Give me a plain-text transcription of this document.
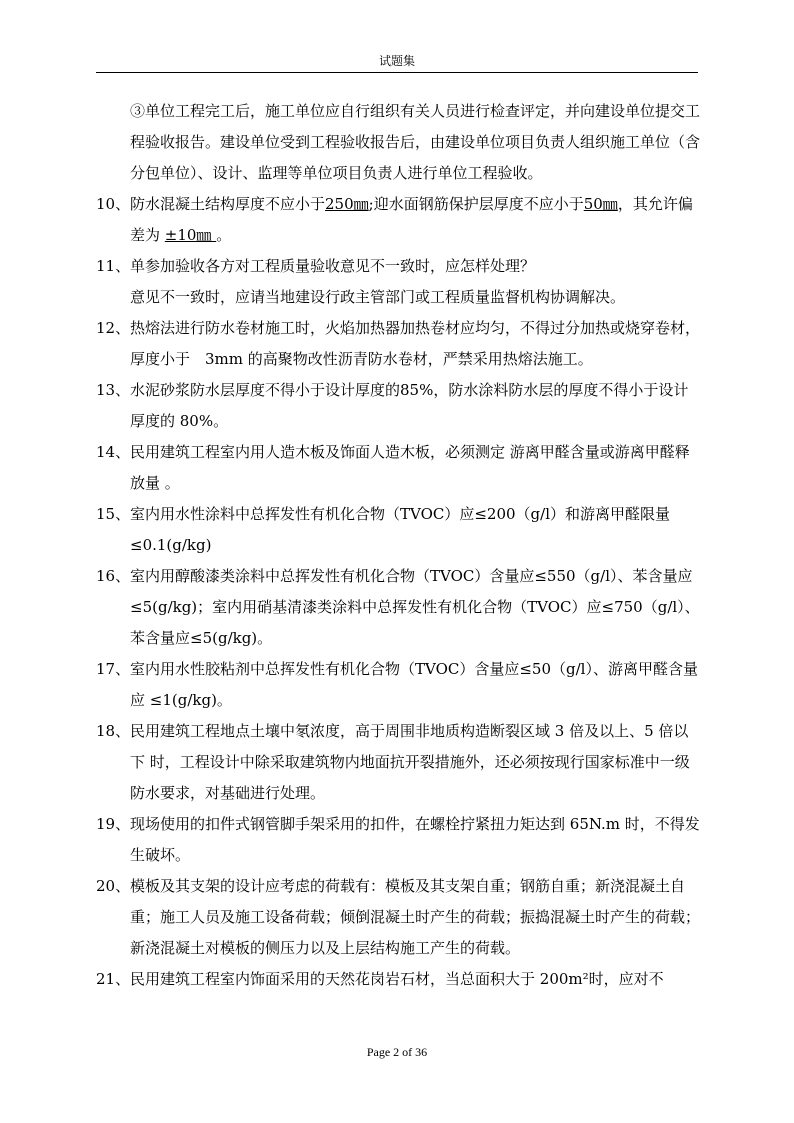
试题集
③单位工程完工后，施工单位应自行组织有关人员进行检查评定，并向建设单位提交工程验收报告。建设单位受到工程验收报告后，由建设单位项目负责人组织施工单位（含分包单位）、设计、监理等单位项目负责人进行单位工程验收。
10、 防水混凝土结构厚度不应小于250㎜;迎水面钢筋保护层厚度不应小于50㎜，其允许偏差为 ±10㎜ 。
11、 单参加验收各方对工程质量验收意见不一致时，应怎样处理？
意见不一致时，应请当地建设行政主管部门或工程质量监督机构协调解决。
12、 热熔法进行防水卷材施工时，火焰加热器加热卷材应均匀，不得过分加热或烧穿卷材，厚度小于　3mm 的高聚物改性沥青防水卷材，严禁采用热熔法施工。
13、 水泥砂浆防水层厚度不得小于设计厚度的85%，防水涂料防水层的厚度不得小于设计厚度的 80%。
14、 民用建筑工程室内用人造木板及饰面人造木板，必须测定 游离甲醛含量或游离甲醛释放量 。
15、 室内用水性涂料中总挥发性有机化合物（TVOC）应≤200（g/l）和游离甲醛限量≤0.1(g/kg)
16、 室内用醇酸漆类涂料中总挥发性有机化合物（TVOC）含量应≤550（g/l）、苯含量应≤5(g/kg)；室内用硝基清漆类涂料中总挥发性有机化合物（TVOC）应≤750（g/l）、苯含量应≤5(g/kg)。
17、 室内用水性胶粘剂中总挥发性有机化合物（TVOC）含量应≤50（g/l）、游离甲醛含量应 ≤1(g/kg)。
18、 民用建筑工程地点土壤中氡浓度，高于周围非地质构造断裂区域 3 倍及以上、5 倍以下 时，工程设计中除采取建筑物内地面抗开裂措施外，还必须按现行国家标准中一级防水要求，对基础进行处理。
19、 现场使用的扣件式钢管脚手架采用的扣件，在螺栓拧紧扭力矩达到 65N.m 时，不得发生破坏。
20、 模板及其支架的设计应考虑的荷载有：模板及其支架自重；钢筋自重；新浇混凝土自重；施工人员及施工设备荷载；倾倒混凝土时产生的荷载；振捣混凝土时产生的荷载；新浇混凝土对模板的侧压力以及上层结构施工产生的荷载。
21、 民用建筑工程室内饰面采用的天然花岗岩石材，当总面积大于 200m²时，应对不
Page 2 of 36
